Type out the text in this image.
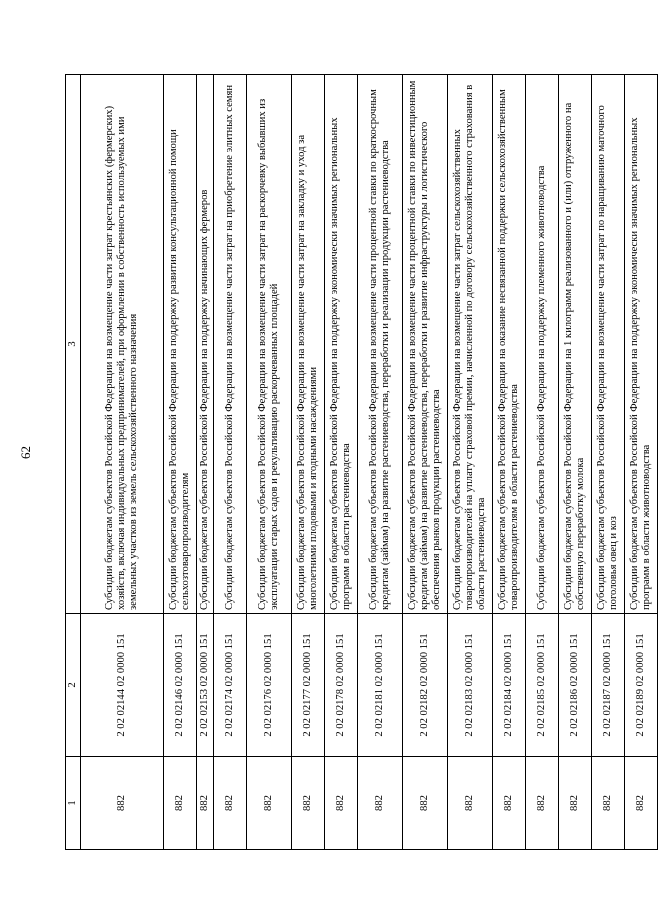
62
1	2	3
882	2 02 02144 02 0000 151	Субсидии бюджетам субъектов Российской Федерации на возмещение части затрат крестьянских (фермерских) хозяйств, включая индивидуальных предпринимателей, при оформлении в собственность используемых ими земельных участков из земель сельскохозяйственного назначения
882	2 02 02146 02 0000 151	Субсидии бюджетам субъектов Российской Федерации на поддержку развития консультационной помощи сельхозтоваропроизводителям
882	2 02 02153 02 0000 151	Субсидии бюджетам субъектов Российской Федерации на поддержку начинающих фермеров
882	2 02 02174 02 0000 151	Субсидии бюджетам субъектов Российской Федерации на возмещение части затрат на приобретение элитных семян
882	2 02 02176 02 0000 151	Субсидии бюджетам субъектов Российской Федерации на возмещение части затрат на раскорчевку выбывших из эксплуатации старых садов и рекультивацию раскорчеванных площадей
882	2 02 02177 02 0000 151	Субсидии бюджетам субъектов Российской Федерации на возмещение части затрат на закладку и уход за многолетними плодовыми и ягодными насаждениями
882	2 02 02178 02 0000 151	Субсидии бюджетам субъектов Российской Федерации на поддержку экономически значимых региональных программ в области растениеводства
882	2 02 02181 02 0000 151	Субсидии бюджетам субъектов Российской Федерации на возмещение части процентной ставки по краткосрочным кредитам (займам) на развитие растениеводства, переработки и реализации продукции растениеводства
882	2 02 02182 02 0000 151	Субсидии бюджетам субъектов Российской Федерации на возмещение части процентной ставки по инвестиционным кредитам (займам) на развитие растениеводства, переработки и развитие инфраструктуры и логистического обеспечения рынков продукции растениеводства
882	2 02 02183 02 0000 151	Субсидии бюджетам субъектов Российской Федерации на возмещение части затрат сельскохозяйственных товаропроизводителей на уплату страховой премии, начисленной по договору сельскохозяйственного страхования в области растениеводства
882	2 02 02184 02 0000 151	Субсидии бюджетам субъектов Российской Федерации на оказание несвязанной поддержки сельскохозяйственным товаропроизводителям в области растениеводства
882	2 02 02185 02 0000 151	Субсидии бюджетам субъектов Российской Федерации на поддержку племенного животноводства
882	2 02 02186 02 0000 151	Субсидии бюджетам субъектов Российской Федерации на 1 килограмм реализованного и (или) отгруженного на собственную переработку молока
882	2 02 02187 02 0000 151	Субсидии бюджетам субъектов Российской Федерации на возмещение части затрат по наращиванию маточного поголовья овец и коз
882	2 02 02189 02 0000 151	Субсидии бюджетам субъектов Российской Федерации на поддержку экономически значимых региональных программ в области животноводства
